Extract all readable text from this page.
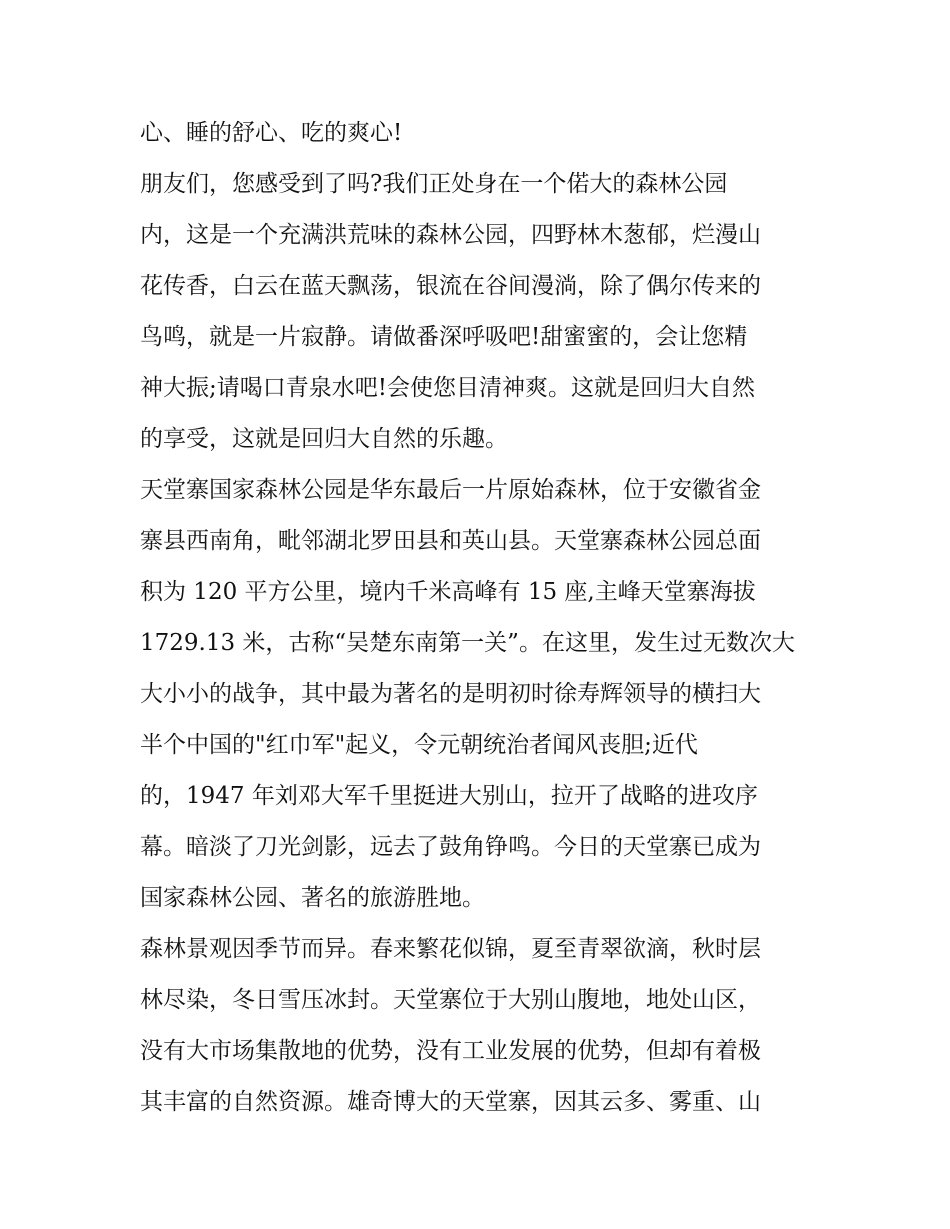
心、睡的舒心、吃的爽心!
朋友们，您感受到了吗?我们正处身在一个偌大的森林公园
内，这是一个充满洪荒味的森林公园，四野林木葱郁，烂漫山
花传香，白云在蓝天飘荡，银流在谷间漫淌，除了偶尔传来的
鸟鸣，就是一片寂静。请做番深呼吸吧!甜蜜蜜的，会让您精
神大振;请喝口青泉水吧!会使您目清神爽。这就是回归大自然
的享受，这就是回归大自然的乐趣。
天堂寨国家森林公园是华东最后一片原始森林，位于安徽省金
寨县西南角，毗邻湖北罗田县和英山县。天堂寨森林公园总面
积为 120 平方公里，境内千米高峰有 15 座,主峰天堂寨海拔
1729.13 米，古称“吴楚东南第一关”。在这里，发生过无数次大
大小小的战争，其中最为著名的是明初时徐寿辉领导的横扫大
半个中国的"红巾军"起义，令元朝统治者闻风丧胆;近代
的，1947 年刘邓大军千里挺进大别山，拉开了战略的进攻序
幕。暗淡了刀光剑影，远去了鼓角铮鸣。今日的天堂寨已成为
国家森林公园、著名的旅游胜地。
森林景观因季节而异。春来繁花似锦，夏至青翠欲滴，秋时层
林尽染，冬日雪压冰封。天堂寨位于大别山腹地，地处山区，
没有大市场集散地的优势，没有工业发展的优势，但却有着极
其丰富的自然资源。雄奇博大的天堂寨，因其云多、雾重、山
